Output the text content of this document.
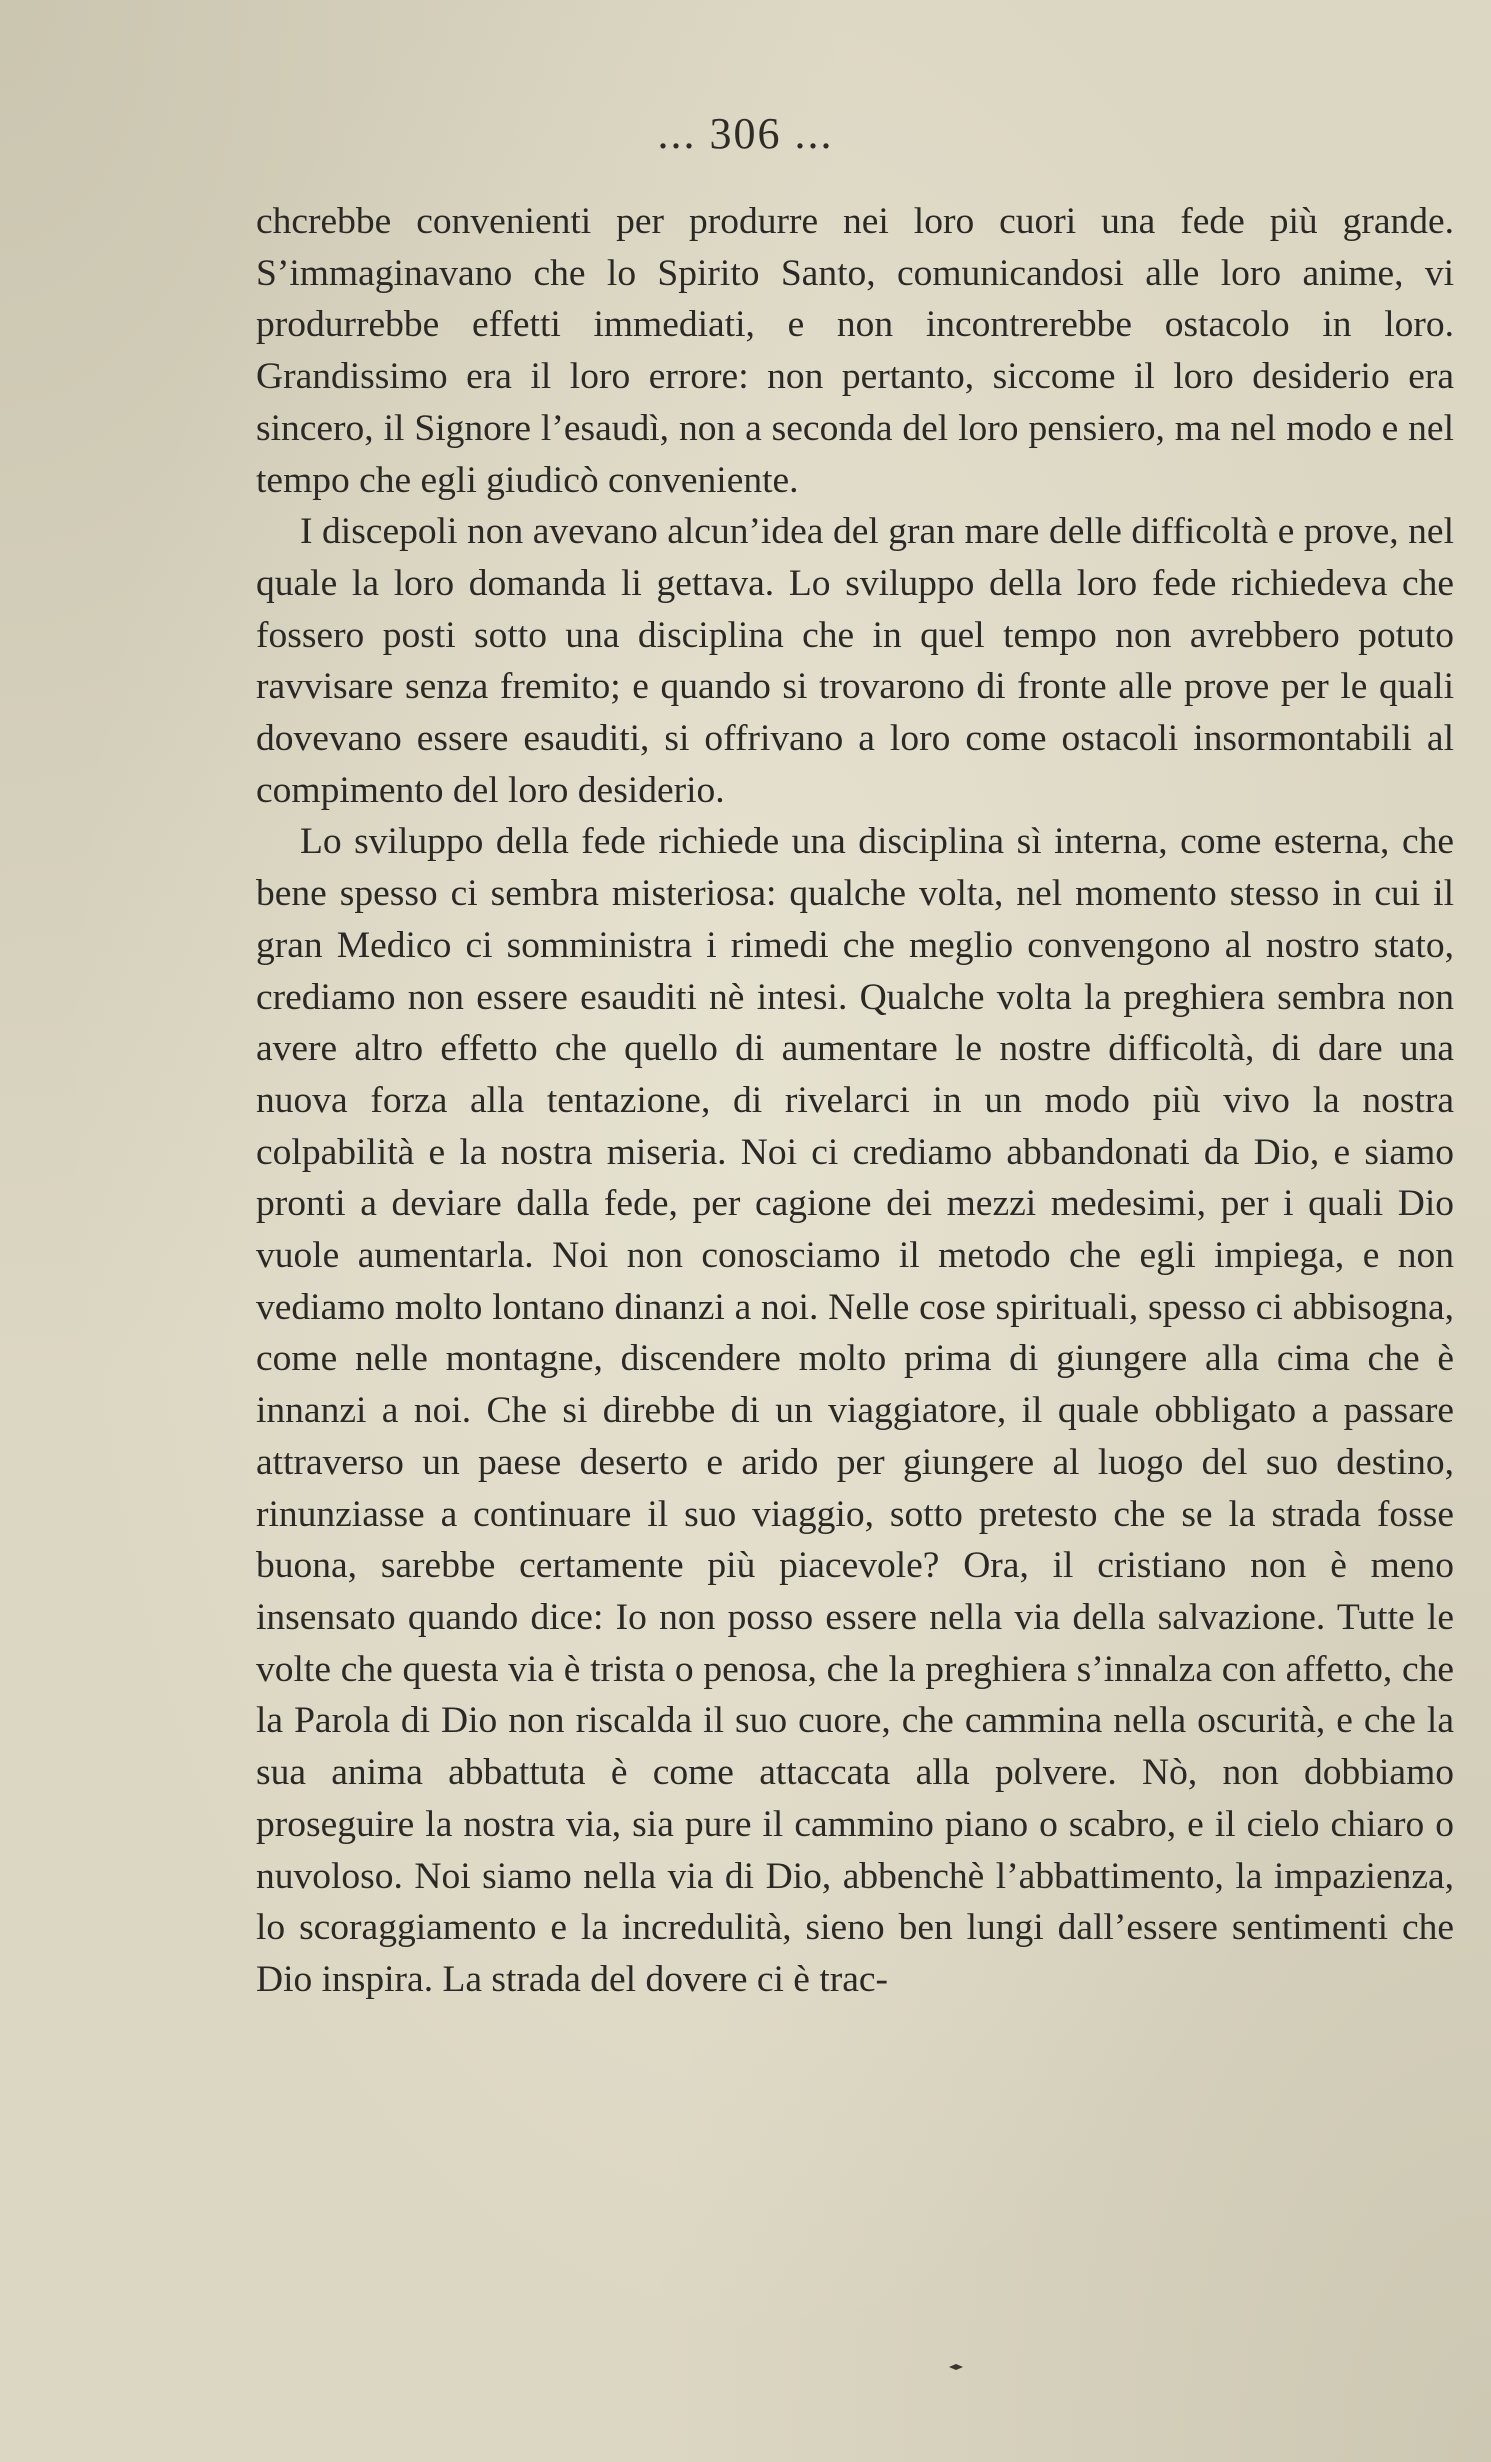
... 306 ...

chcrebbe convenienti per produrre nei loro cuori una fede più grande. S’immaginavano che lo Spirito Santo, comunicandosi alle loro anime, vi produrrebbe effetti immediati, e non incontrerebbe ostacolo in loro. Grandissimo era il loro errore: non pertanto, siccome il loro desiderio era sincero, il Signore l’esaudì, non a seconda del loro pensiero, ma nel modo e nel tempo che egli giudicò conveniente.

I discepoli non avevano alcun’idea del gran mare delle difficoltà e prove, nel quale la loro domanda li gettava. Lo sviluppo della loro fede richiedeva che fossero posti sotto una disciplina che in quel tempo non avrebbero potuto ravvisare senza fremito; e quando si trovarono di fronte alle prove per le quali dovevano essere esauditi, si offrivano a loro come ostacoli insormontabili al compimento del loro desiderio.

Lo sviluppo della fede richiede una disciplina sì interna, come esterna, che bene spesso ci sembra misteriosa: qualche volta, nel momento stesso in cui il gran Medico ci somministra i rimedi che meglio convengono al nostro stato, crediamo non essere esauditi nè intesi. Qualche volta la preghiera sembra non avere altro effetto che quello di aumentare le nostre difficoltà, di dare una nuova forza alla tentazione, di rivelarci in un modo più vivo la nostra colpabilità e la nostra miseria. Noi ci crediamo abbandonati da Dio, e siamo pronti a deviare dalla fede, per cagione dei mezzi medesimi, per i quali Dio vuole aumentarla. Noi non conosciamo il metodo che egli impiega, e non vediamo molto lontano dinanzi a noi. Nelle cose spirituali, spesso ci abbisogna, come nelle montagne, discendere molto prima di giungere alla cima che è innanzi a noi. Che si direbbe di un viaggiatore, il quale obbligato a passare attraverso un paese deserto e arido per giungere al luogo del suo destino, rinunziasse a continuare il suo viaggio, sotto pretesto che se la strada fosse buona, sarebbe certamente più piacevole? Ora, il cristiano non è meno insensato quando dice: Io non posso essere nella via della salvazione. Tutte le volte che questa via è trista o penosa, che la preghiera s’innalza con affetto, che la Parola di Dio non riscalda il suo cuore, che cammina nella oscurità, e che la sua anima abbattuta è come attaccata alla polvere. Nò, non dobbiamo proseguire la nostra via, sia pure il cammino piano o scabro, e il cielo chiaro o nuvoloso. Noi siamo nella via di Dio, abbenchè l’abbattimento, la impazienza, lo scoraggiamento e la incredulità, sieno ben lungi dall’essere sentimenti che Dio inspira. La strada del dovere ci è trac-
